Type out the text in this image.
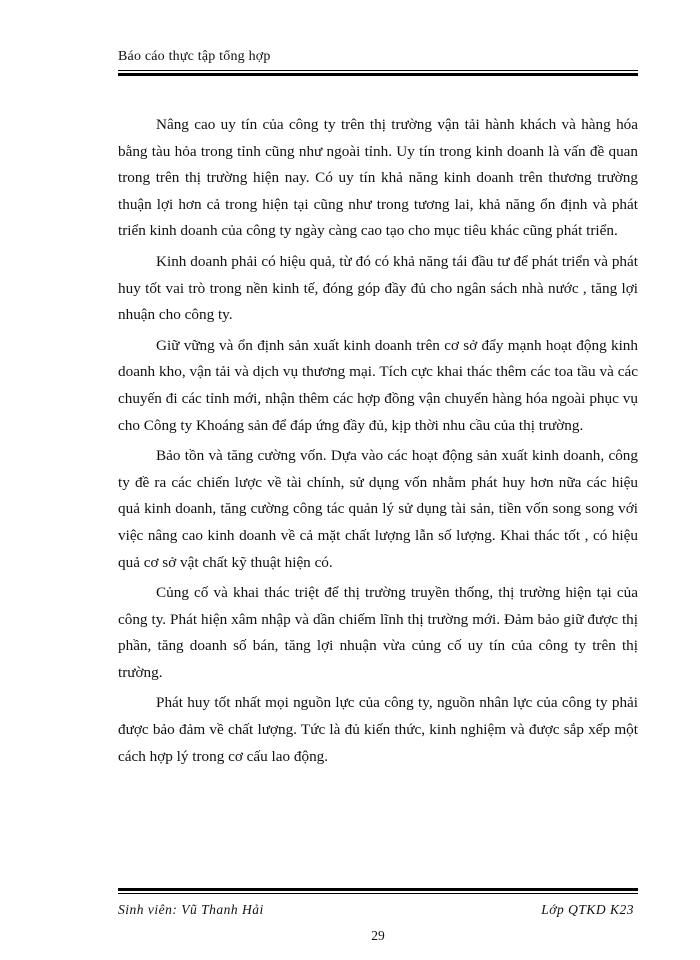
Báo cáo thực tập tổng hợp

Nâng cao uy tín của công ty trên thị trường vận tải hành khách và hàng hóa bằng tàu hỏa trong tỉnh cũng như ngoài tỉnh. Uy tín trong kinh doanh là vấn đề quan trong trên thị trường hiện nay. Có uy tín khả năng kinh doanh trên thương trường thuận lợi hơn cả trong hiện tại cũng như trong tương lai, khả năng ổn định và phát triển kinh doanh của công ty ngày càng cao tạo cho mục tiêu khác cũng phát triển.

Kinh doanh phải có hiệu quả, từ đó có khả năng tái đầu tư để phát triển và phát huy tốt vai trò trong nền kinh tế, đóng góp đầy đủ cho ngân sách nhà nước , tăng lợi nhuận cho công ty.

Giữ vững và ổn định sản xuất kinh doanh trên cơ sở đẩy mạnh hoạt động kinh doanh kho, vận tải và dịch vụ thương mại. Tích cực khai thác thêm các toa tầu và các chuyến đi các tỉnh mới, nhận thêm các hợp đồng vận chuyển hàng hóa ngoài phục vụ cho Công ty Khoáng sản để đáp ứng đầy đủ, kịp thời nhu cầu của thị trường.

Bảo tồn và tăng cường vốn. Dựa vào các hoạt động sản xuất kinh doanh, công ty đề ra các chiến lược về tài chính, sử dụng vốn nhằm phát huy hơn nữa các hiệu quả kinh doanh, tăng cường công tác quản lý sử dụng tài sản, tiền vốn song song với việc nâng cao kinh doanh về cả mặt chất lượng lẫn số lượng. Khai thác tốt , có hiệu quả cơ sở vật chất kỹ thuật hiện có.

Củng cố và khai thác triệt để thị trường truyền thống, thị trường hiện tại của công ty. Phát hiện xâm nhập và dần chiếm lĩnh thị trường mới. Đảm bảo giữ được thị phần, tăng doanh số bán, tăng lợi nhuận vừa củng cố uy tín của công ty trên thị trường.

Phát huy tốt nhất mọi nguồn lực của công ty, nguồn nhân lực của công ty phải được bảo đảm về chất lượng. Tức là đủ kiến thức, kinh nghiệm và được sắp xếp một cách hợp lý trong cơ cấu lao động.

Sinh viên: Vũ Thanh Hải	Lớp QTKD K23
29
